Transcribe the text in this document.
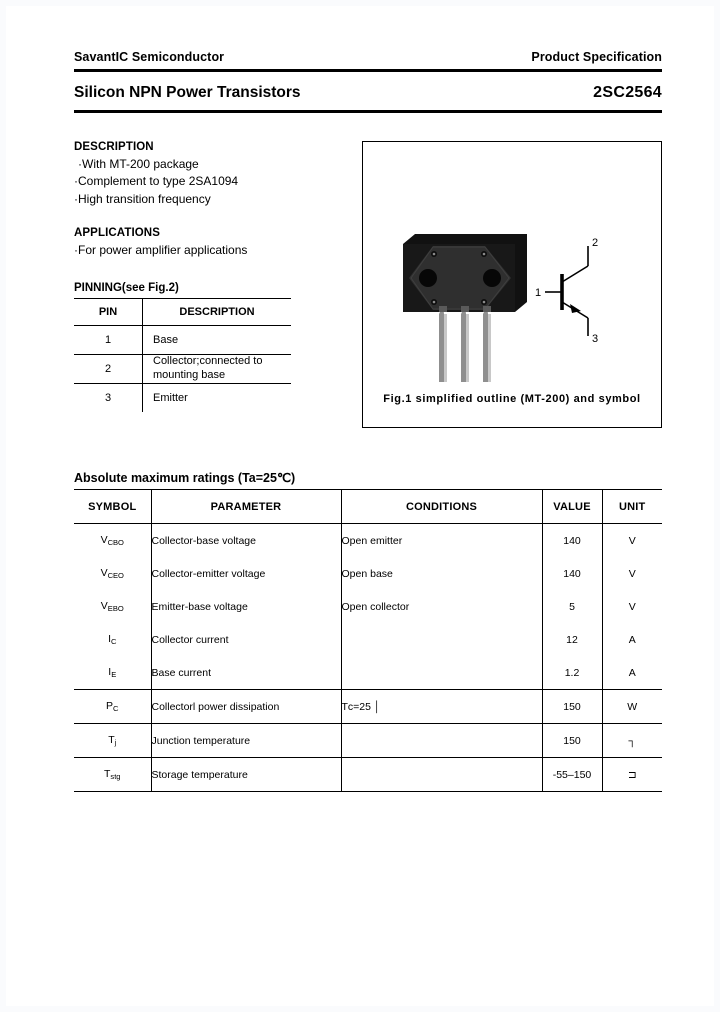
SavantIC Semiconductor	Product Specification
Silicon NPN Power Transistors	2SC2564
DESCRIPTION
·With MT-200 package
·Complement to type 2SA1094
·High transition frequency
APPLICATIONS
·For power amplifier applications
PINNING(see Fig.2)
PIN	DESCRIPTION
1	Base
2	Collector;connected to mounting base
3	Emitter
1
2
3
Fig.1 simplified outline (MT-200) and symbol
Absolute maximum ratings (Ta=25℃)
SYMBOL	PARAMETER	CONDITIONS	VALUE	UNIT
$V_{CBO}$	Collector-base voltage	Open emitter	140	V
$V_{CEO}$	Collector-emitter voltage	Open base	140	V
$V_{EBO}$	Emitter-base voltage	Open collector	5	V
$I_C$	Collector current		12	A
$I_E$	Base current		1.2	A
$P_C$	Collectorl power dissipation	Tс=25 │	150	W
$T_j$	Junction temperature		150	┐
$T_{stg}$	Storage temperature		-55–150	⊐
